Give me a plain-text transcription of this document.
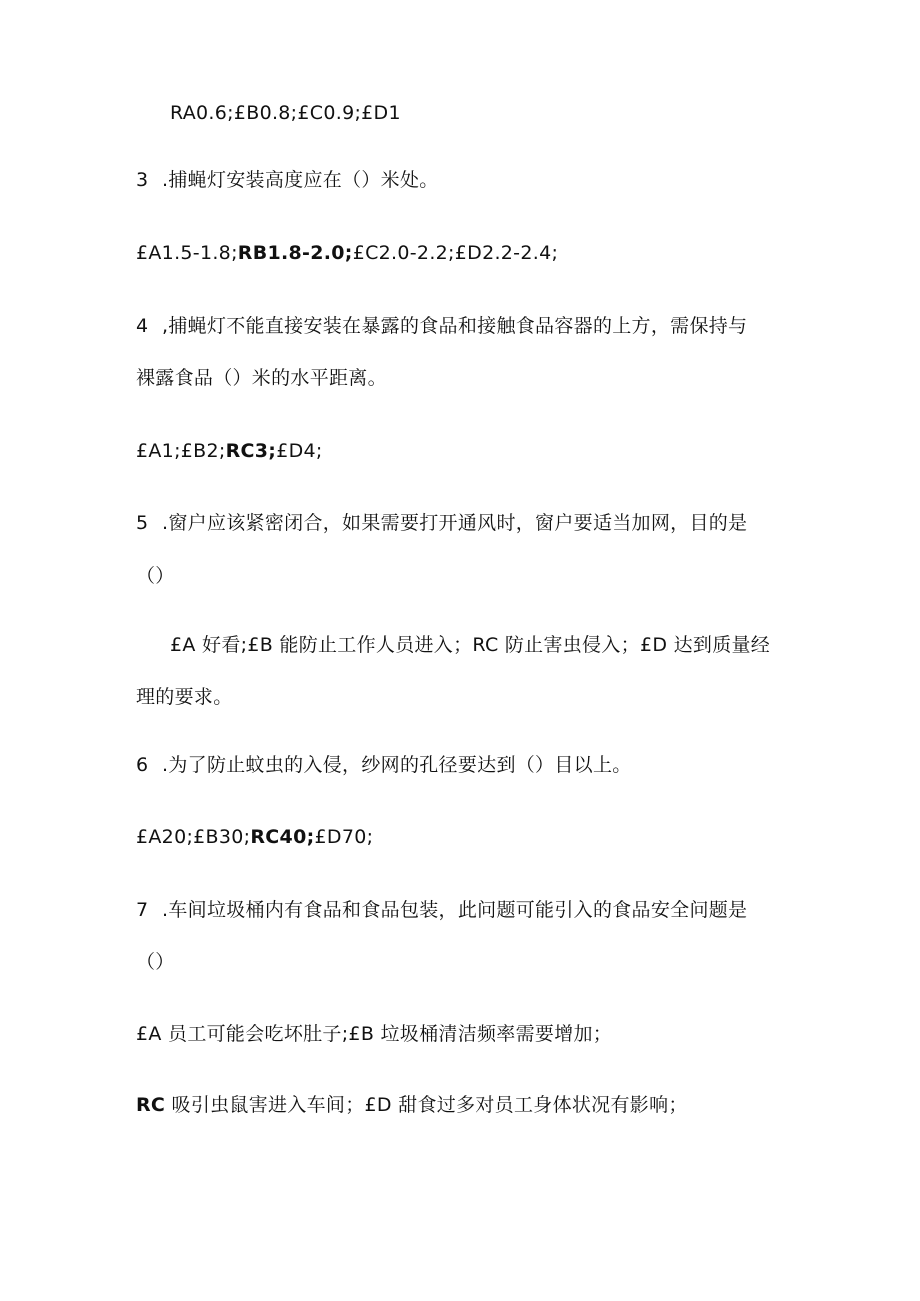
RA0.6;£B0.8;£C0.9;£D1
3 .捕蝇灯安装高度应在（）米处。
£A1.5-1.8;RB1.8-2.0;£C2.0-2.2;£D2.2-2.4;
4 ,捕蝇灯不能直接安装在暴露的食品和接触食品容器的上方，需保持与
裸露食品（）米的水平距离。
£A1;£B2;RC3;£D4;
5 .窗户应该紧密闭合，如果需要打开通风时，窗户要适当加网，目的是
（）
£A 好看;£B 能防止工作人员进入；RC 防止害虫侵入；£D 达到质量经
理的要求。
6 .为了防止蚊虫的入侵，纱网的孔径要达到（）目以上。
£A20;£B30;RC40;£D70;
7 .车间垃圾桶内有食品和食品包装，此问题可能引入的食品安全问题是
（）
£A 员工可能会吃坏肚子;£B 垃圾桶清洁频率需要增加；
RC 吸引虫鼠害进入车间；£D 甜食过多对员工身体状况有影响；
